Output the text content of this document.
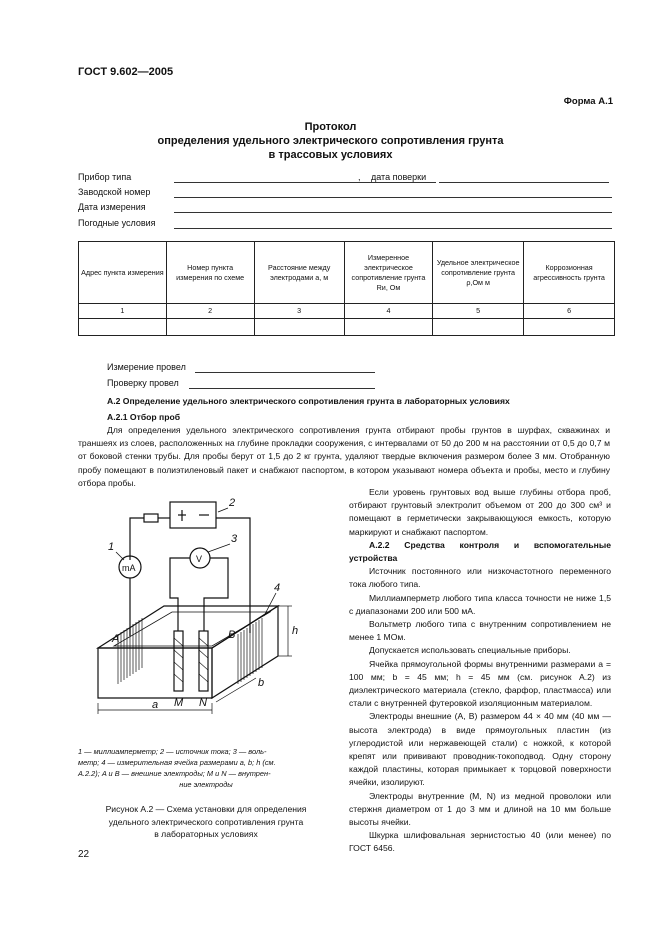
ГОСТ 9.602—2005
Форма А.1
Протокол
определения удельного электрического сопротивления грунта
в трассовых условиях
Прибор типа	, дата поверки
Заводской номер
Дата измерения
Погодные условия
Адрес пункта измерения	Номер пункта измерения по схеме	Расстояние между электродами a, м	Измеренное электрическое сопротивление грунта Rи, Ом	Удельное электрическое сопротивление грунта ρ,Ом м	Коррозионная агрессивность грунта
1	2	3	4	5	6

Измерение провел
Проверку провел
А.2 Определение удельного электрического сопротивления грунта в лабораторных условиях
А.2.1 Отбор проб
Для определения удельного электрического сопротивления грунта отбирают пробы грунтов в шурфах, скважинах и траншеях из слоев, расположенных на глубине прокладки сооружения, с интервалами от 50 до 200 м на расстоянии от 0,5 до 0,7 м от боковой стенки трубы. Для пробы берут от 1,5 до 2 кг грунта, удаляют твердые включения размером более 3 мм. Отобранную пробу помещают в полиэтиленовый пакет и снабжают паспортом, в котором указывают номера объекта и пробы, место и глубину отбора пробы.
Если уровень грунтовых вод выше глубины отбора проб, отбирают грунтовый электролит объемом от 200 до 300 см³ и помещают в герметически закрывающуюся емкость, которую маркируют и снабжают паспортом.
А.2.2 Средства контроля и вспомогательные устройства
Источник постоянного или низкочастотного переменного тока любого типа.
Миллиамперметр любого типа класса точности не ниже 1,5 с диапазонами 200 или 500 мА.
Вольтметр любого типа с внутренним сопротивлением не менее 1 МОм.
Допускается использовать специальные приборы.
Ячейка прямоугольной формы внутренними размерами a = 100 мм; b = 45 мм; h = 45 мм (см. рисунок А.2) из диэлектрического материала (стекло, фарфор, пластмасса) или стали с внутренней футеровкой изоляционным материалом.
Электроды внешние (A, B) размером 44 × 40 мм (40 мм — высота электрода) в виде прямоугольных пластин (из углеродистой или нержавеющей стали) с ножкой, к которой крепят или прививают проводник-токоподвод. Одну сторону каждой пластины, которая примыкает к торцовой поверхности ячейки, изолируют.
Электроды внутренние (M, N) из медной проволоки или стержня диаметром от 1 до 3 мм и длиной на 10 мм больше высоты ячейки.
Шкурка шлифовальная зернистостью 40 (или менее) по ГОСТ 6456.
1
2
3
4
mA
V
A	B
M N
a
b
h
1 — миллиамперметр; 2 — источник тока; 3 — воль-
метр; 4 — измерительная ячейка размерами a, b; h (см.
А.2.2); A и B — внешние электроды; M и N — внутрен-
ние электроды
Рисунок А.2 — Схема установки для определения
удельного электрического сопротивления грунта
в лабораторных условиях
22
